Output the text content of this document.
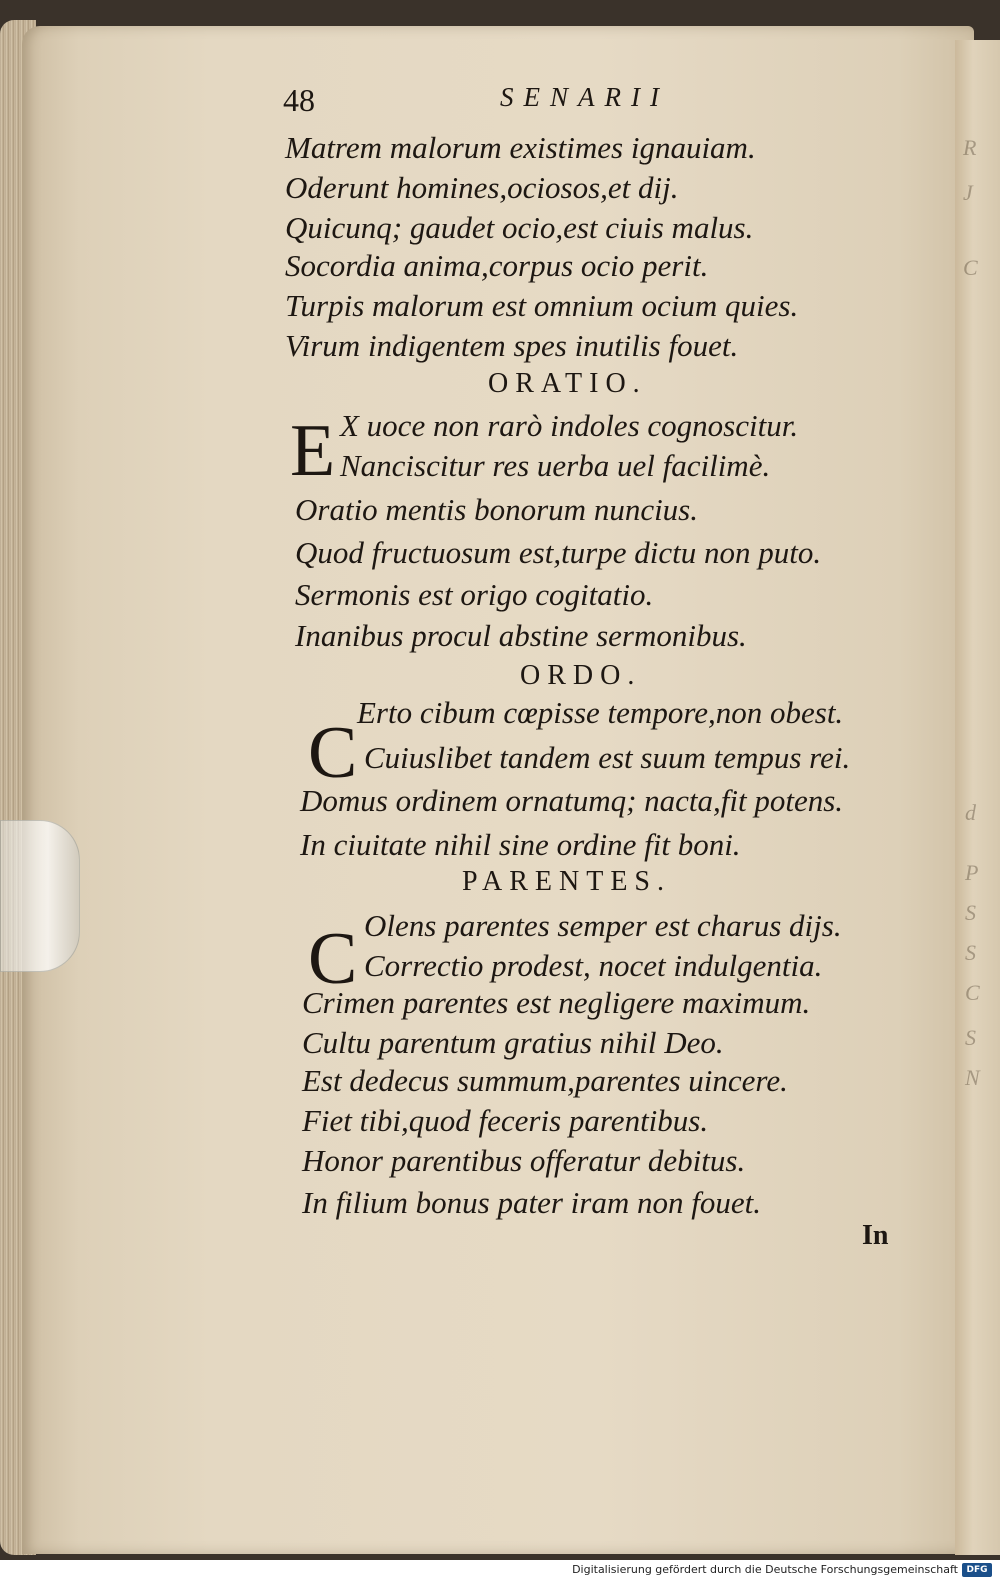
R
J
C
d
P
S
S
C
S
N
48	SENARII
Matrem malorum existimes ignauiam.
Oderunt homines,ociosos,et dij.
Quicunq; gaudet ocio,est ciuis malus.
Socordia anima,corpus ocio perit.
Turpis malorum est omnium ocium quies.
Virum indigentem spes inutilis fouet.
ORATIO.
E X uoce non rarò indoles cognoscitur.
Nanciscitur res uerba uel facilimè.
Oratio mentis bonorum nuncius.
Quod fructuosum est,turpe dictu non puto.
Sermonis est origo cogitatio.
Inanibus procul abstine sermonibus.
ORDO.
C Erto cibum cœpisse tempore,non obest.
Cuiuslibet tandem est suum tempus rei.
Domus ordinem ornatumq; nacta,fit potens.
In ciuitate nihil sine ordine fit boni.
PARENTES.
C Olens parentes semper est charus dijs.
Correctio prodest, nocet indulgentia.
Crimen parentes est negligere maximum.
Cultu parentum gratius nihil Deo.
Est dedecus summum,parentes uincere.
Fiet tibi,quod feceris parentibus.
Honor parentibus offeratur debitus.
In filium bonus pater iram non fouet.
In
Digitalisierung gefördert durch die Deutsche Forschungsgemeinschaft DFG
